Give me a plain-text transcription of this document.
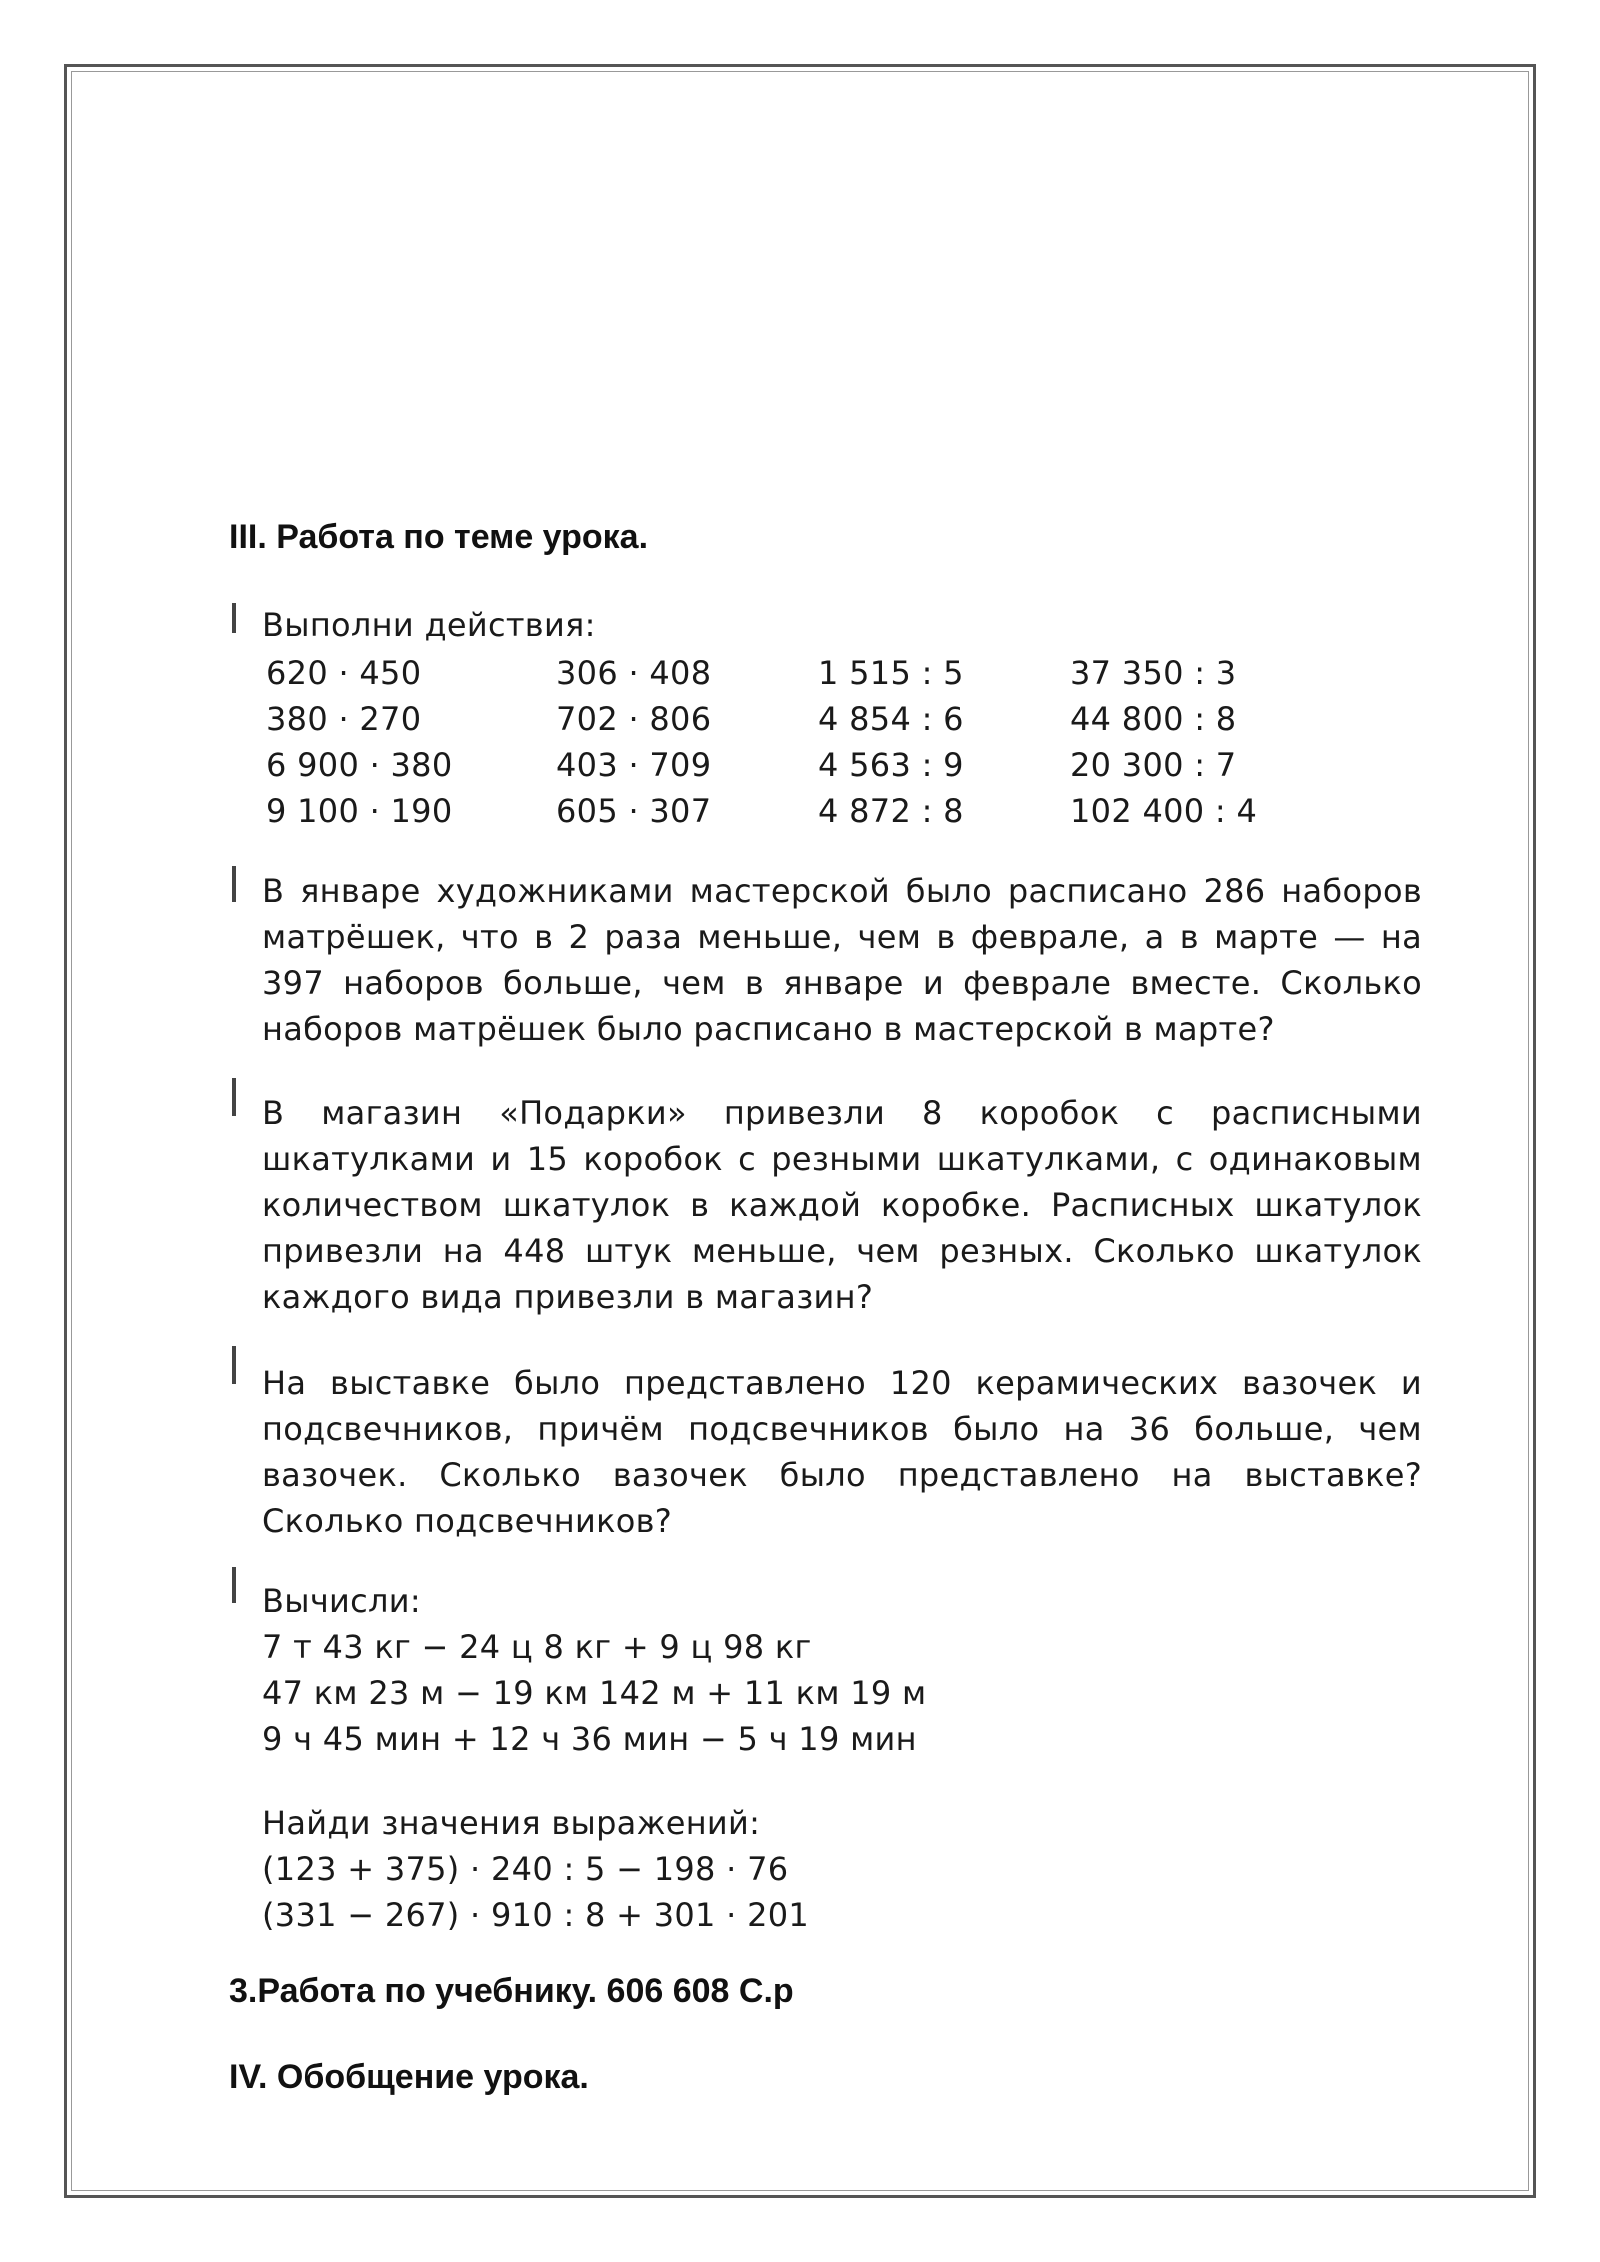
III. Работа по теме урока.
Выполни действия:
620 · 450
380 · 270
6 900 · 380
9 100 · 190
306 · 408
702 · 806
403 · 709
605 · 307
1 515 : 5
4 854 : 6
4 563 : 9
4 872 : 8
37 350 : 3
44 800 : 8
20 300 : 7
102 400 : 4
В январе художниками мастерской было расписано 286 наборов матрёшек, что в 2 раза меньше, чем в феврале, а в марте — на 397 наборов больше, чем в январе и феврале вместе. Сколько наборов матрёшек было расписано в мастерской в марте?
В магазин «Подарки» привезли 8 коробок с расписными шкатулками и 15 коробок с резными шкатулками, с одинаковым количеством шкатулок в каждой коробке. Расписных шкатулок привезли на 448 штук меньше, чем резных. Сколько шкатулок каждого вида привезли в магазин?
На выставке было представлено 120 керамических вазочек и подсвечников, причём подсвечников было на 36 больше, чем вазочек. Сколько вазочек было представлено на выставке? Сколько подсвечников?
Вычисли:
7 т 43 кг − 24 ц 8 кг + 9 ц 98 кг
47 км 23 м − 19 км 142 м + 11 км 19 м
9 ч 45 мин + 12 ч 36 мин − 5 ч 19 мин
Найди значения выражений:
(123 + 375) · 240 : 5 − 198 · 76
(331 − 267) · 910 : 8 + 301 · 201
3.Работа по учебнику. 606 608 С.р
IV. Обобщение урока.
